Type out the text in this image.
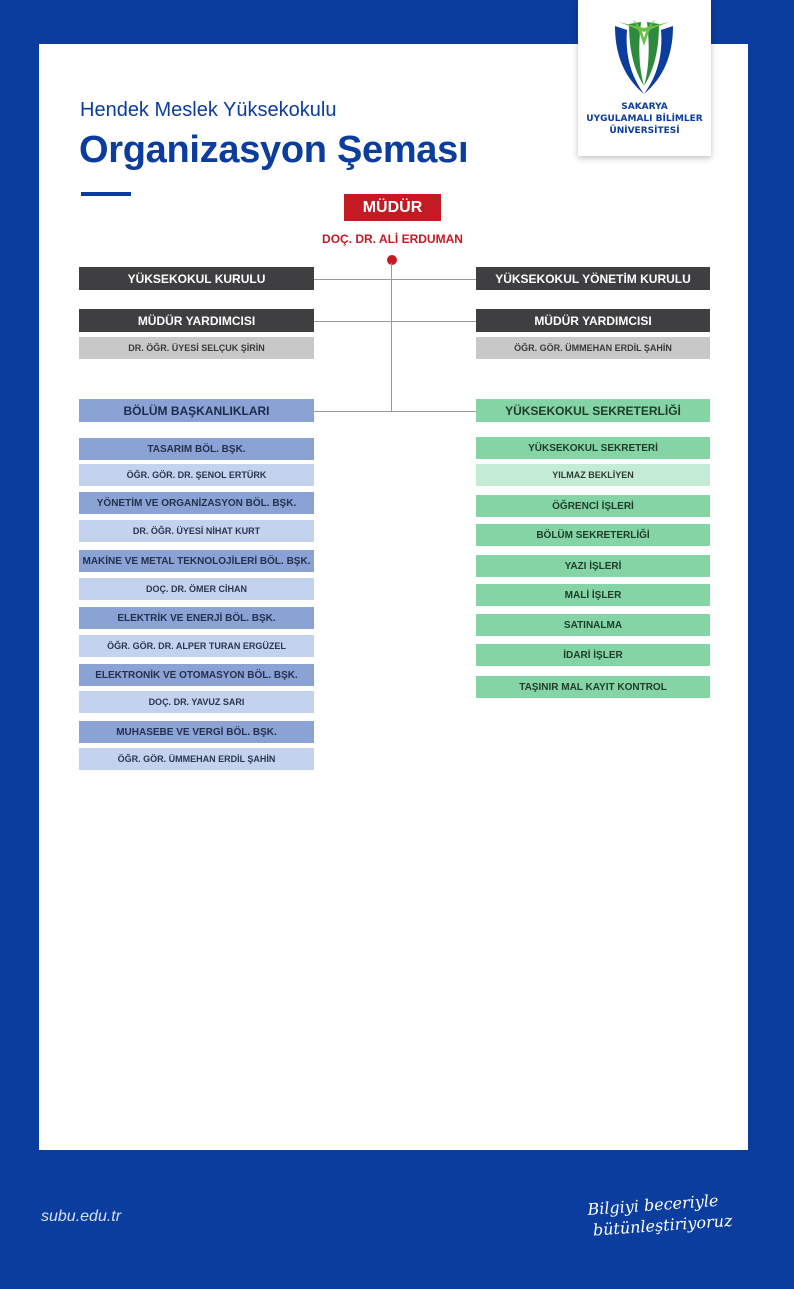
SAKARYA
UYGULAMALI BİLİMLER
ÜNİVERSİTESİ
Hendek Meslek Yüksekokulu
Organizasyon Şeması
MÜDÜR
DOÇ. DR. ALİ ERDUMAN
YÜKSEKOKUL KURULU
MÜDÜR YARDIMCISI
DR. ÖĞR. ÜYESİ SELÇUK ŞİRİN
BÖLÜM BAŞKANLIKLARI
TASARIM BÖL. BŞK.
ÖĞR. GÖR. DR. ŞENOL ERTÜRK
YÖNETİM VE ORGANİZASYON BÖL. BŞK.
DR. ÖĞR. ÜYESİ NİHAT KURT
MAKİNE VE METAL TEKNOLOJİLERİ BÖL. BŞK.
DOÇ. DR. ÖMER CİHAN
ELEKTRİK VE ENERJİ BÖL. BŞK.
ÖĞR. GÖR. DR. ALPER TURAN ERGÜZEL
ELEKTRONİK VE OTOMASYON BÖL. BŞK.
DOÇ. DR. YAVUZ SARI
MUHASEBE VE VERGİ BÖL. BŞK.
ÖĞR. GÖR. ÜMMEHAN ERDİL ŞAHİN
YÜKSEKOKUL YÖNETİM KURULU
MÜDÜR YARDIMCISI
ÖĞR. GÖR. ÜMMEHAN ERDİL ŞAHİN
YÜKSEKOKUL SEKRETERLİĞİ
YÜKSEKOKUL SEKRETERİ
YILMAZ BEKLİYEN
ÖĞRENCİ İŞLERİ
BÖLÜM SEKRETERLİĞİ
YAZI İŞLERİ
MALİ İŞLER
SATINALMA
İDARİ İŞLER
TAŞINIR MAL KAYIT KONTROL
subu.edu.tr	Bilgiyi beceriyle
bütünleştiriyoruz
